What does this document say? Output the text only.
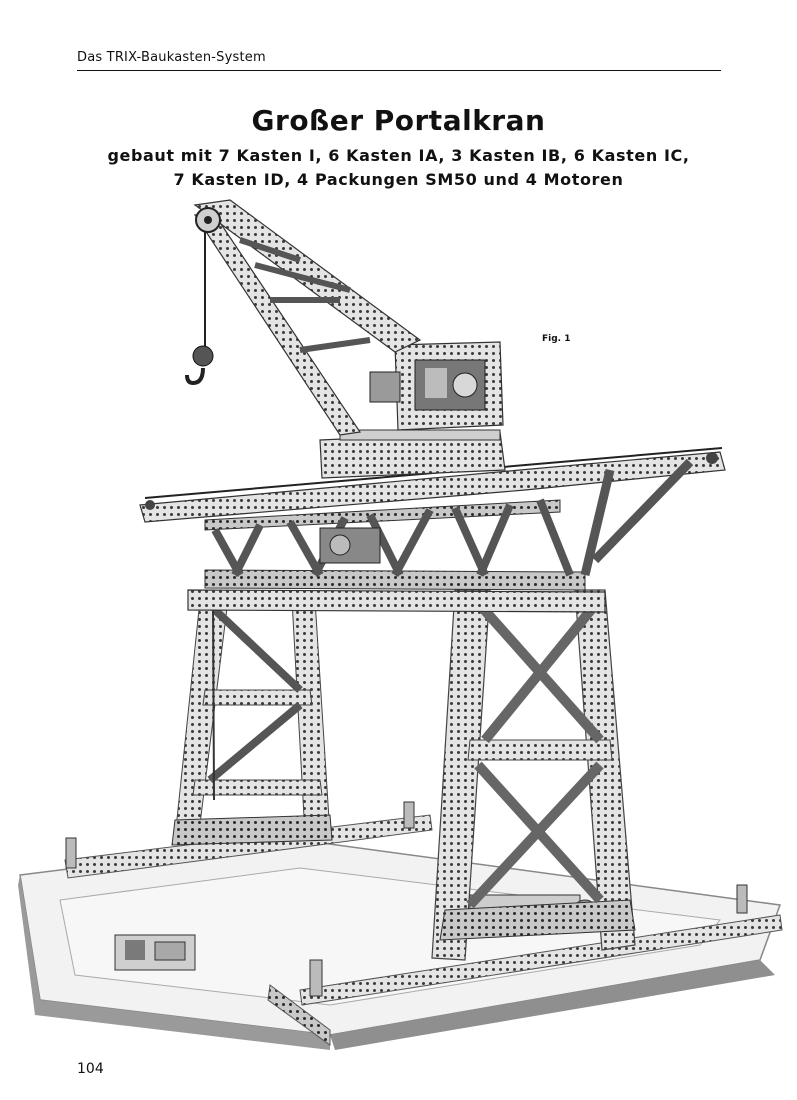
Das TRIX-Baukasten-System
Großer Portalkran
gebaut mit 7 Kasten I, 6 Kasten IA, 3 Kasten IB, 6 Kasten IC,
7 Kasten ID, 4 Packungen SM50 und 4 Motoren
Fig. 1
104
